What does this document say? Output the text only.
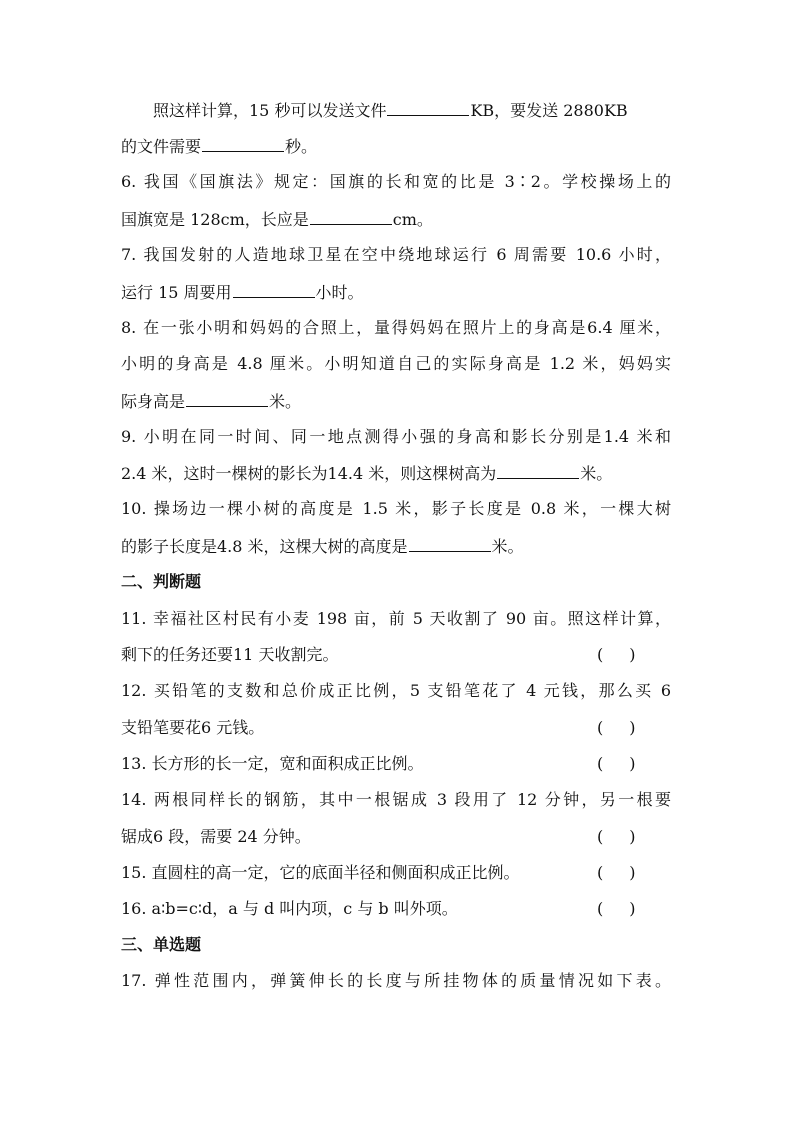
照这样计算，15 秒可以发送文件	KB，要发送 2880KB
的文件需要	秒。
6. 我国《国旗法》规定：国旗的长和宽的比是 3∶2。学校操场上的
国旗宽是 128cm，长应是	cm。
7. 我国发射的人造地球卫星在空中绕地球运行 6 周需要 10.6 小时，
运行 15 周要用	小时。
8. 在一张小明和妈妈的合照上，量得妈妈在照片上的身高是6.4 厘米，
小明的身高是 4.8 厘米。小明知道自己的实际身高是 1.2 米，妈妈实
际身高是	米。
9. 小明在同一时间、同一地点测得小强的身高和影长分别是1.4 米和
2.4 米，这时一棵树的影长为14.4 米，则这棵树高为	米。
10. 操场边一棵小树的高度是 1.5 米，影子长度是 0.8 米，一棵大树
的影子长度是4.8 米，这棵大树的高度是	米。
二、判断题
11. 幸福社区村民有小麦 198 亩，前 5 天收割了 90 亩。照这样计算，
剩下的任务还要11 天收割完。	( )
12. 买铅笔的支数和总价成正比例，5 支铅笔花了 4 元钱，那么买 6
支铅笔要花6 元钱。	( )
13. 长方形的长一定，宽和面积成正比例。	( )
14. 两根同样长的钢筋，其中一根锯成 3 段用了 12 分钟，另一根要
锯成6 段，需要 24 分钟。	( )
15. 直圆柱的高一定，它的底面半径和侧面积成正比例。	( )
16. a∶b=c∶d，a 与 d 叫内项，c 与 b 叫外项。	( )
三、单选题
17. 弹性范围内，弹簧伸长的长度与所挂物体的质量情况如下表。
